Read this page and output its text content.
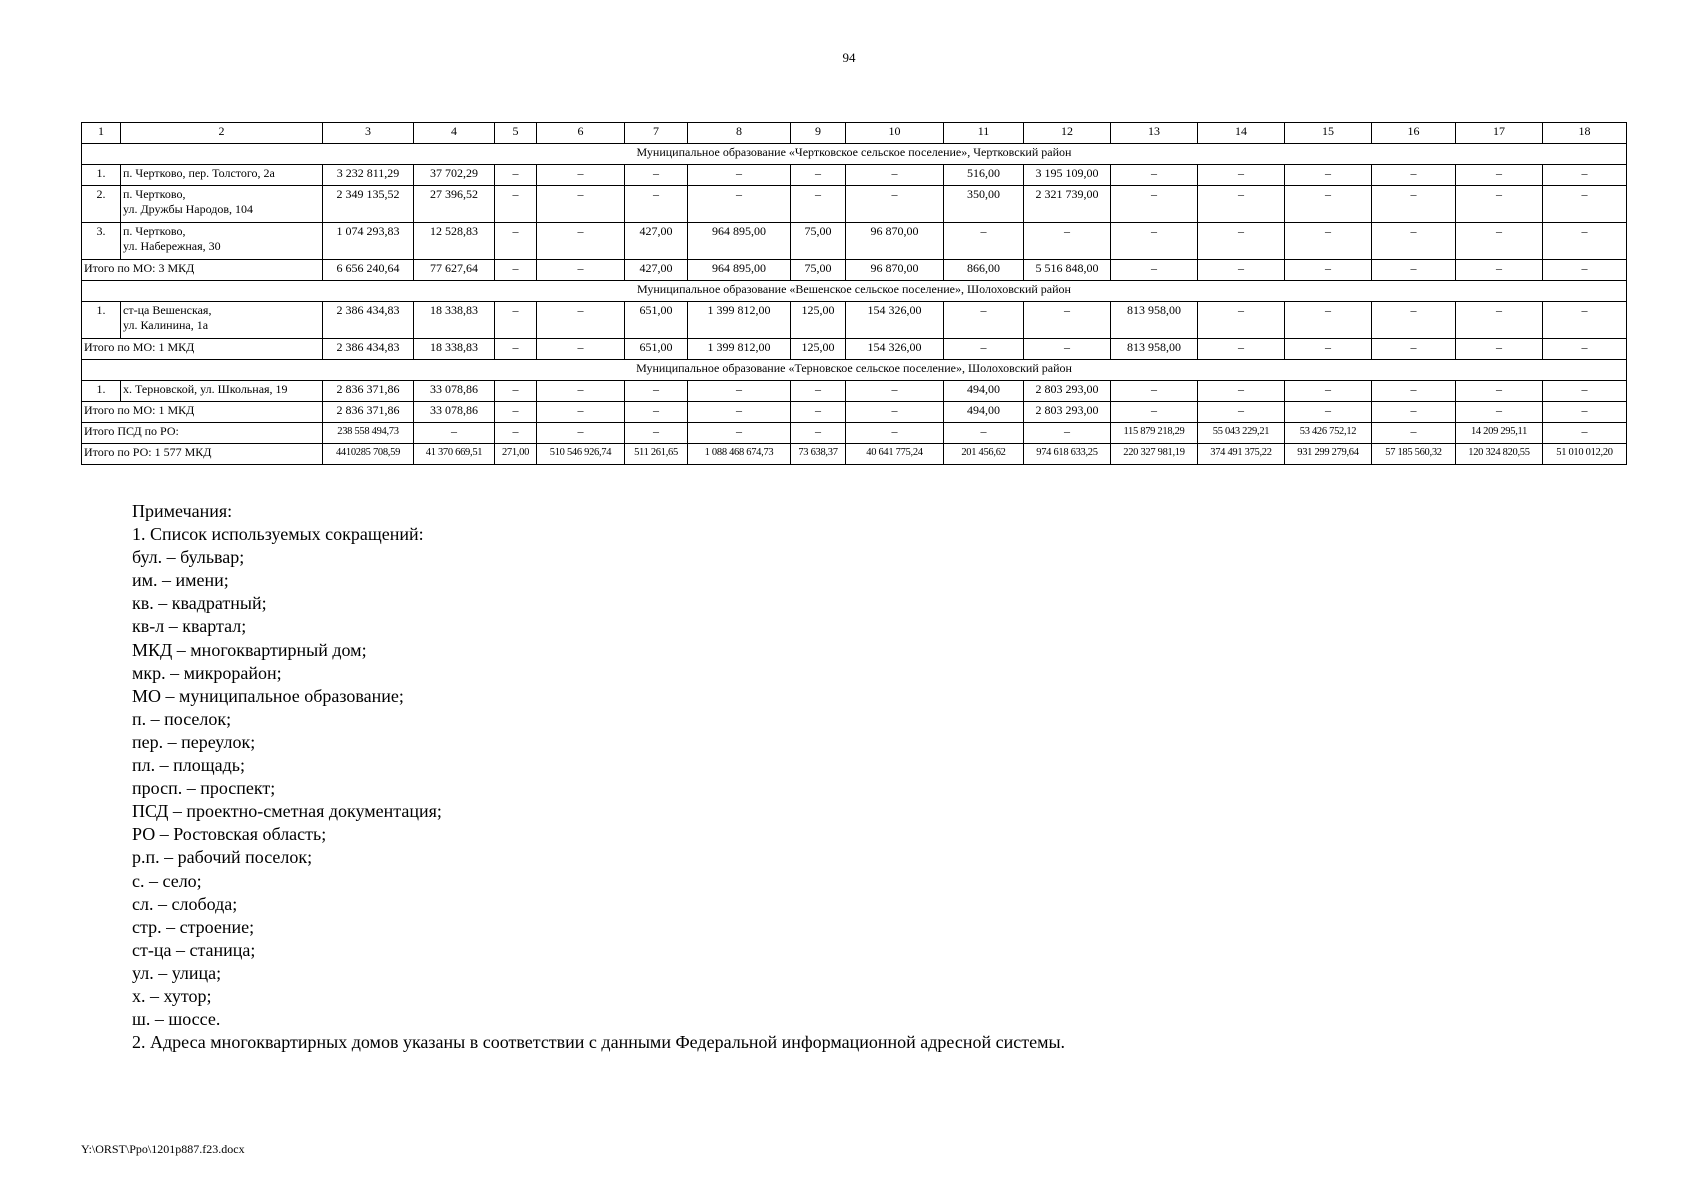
94
1	2	3	4	5	6	7	8	9	10	11	12	13	14	15	16	17	18
Муниципальное образование «Чертковское сельское поселение», Чертковский район																	
1.	п. Чертково, пер. Толстого, 2а	3 232 811,29	37 702,29	–	–	–	–	–	–	516,00	3 195 109,00	–	–	–	–	–	–
2.	п. Чертково,
ул. Дружбы Народов, 104	2 349 135,52	27 396,52	–	–	–	–	–	–	350,00	2 321 739,00	–	–	–	–	–	–
3.	п. Чертково,
ул. Набережная, 30	1 074 293,83	12 528,83	–	–	427,00	964 895,00	75,00	96 870,00	–	–	–	–	–	–	–	–
Итого по МО: 3 МКД		6 656 240,64	77 627,64	–	–	427,00	964 895,00	75,00	96 870,00	866,00	5 516 848,00	–	–	–	–	–	–
Муниципальное образование «Вешенское сельское поселение», Шолоховский район																	
1.	ст-ца Вешенская,
ул. Калинина, 1а	2 386 434,83	18 338,83	–	–	651,00	1 399 812,00	125,00	154 326,00	–	–	813 958,00	–	–	–	–	–
Итого по МО: 1 МКД		2 386 434,83	18 338,83	–	–	651,00	1 399 812,00	125,00	154 326,00	–	–	813 958,00	–	–	–	–	–
Муниципальное образование «Терновское сельское поселение», Шолоховский район																	
1.	х. Терновской, ул. Школьная, 19	2 836 371,86	33 078,86	–	–	–	–	–	–	494,00	2 803 293,00	–	–	–	–	–	–
Итого по МО: 1 МКД		2 836 371,86	33 078,86	–	–	–	–	–	–	494,00	2 803 293,00	–	–	–	–	–	–
Итого ПСД по РО:		238 558 494,73	–	–	–	–	–	–	–	–	–	115 879 218,29	55 043 229,21	53 426 752,12	–	14 209 295,11	–
Итого по РО: 1 577 МКД		4410285 708,59	41 370 669,51	271,00	510 546 926,74	511 261,65	1 088 468 674,73	73 638,37	40 641 775,24	201 456,62	974 618 633,25	220 327 981,19	374 491 375,22	931 299 279,64	57 185 560,32	120 324 820,55	51 010 012,20
Примечания:
1. Список используемых сокращений:
бул. – бульвар;
им. – имени;
кв. – квадратный;
кв-л – квартал;
МКД – многоквартирный дом;
мкр. – микрорайон;
МО – муниципальное образование;
п. – поселок;
пер. – переулок;
пл. – площадь;
просп. – проспект;
ПСД – проектно-сметная документация;
РО – Ростовская область;
р.п. – рабочий поселок;
с. – село;
сл. – слобода;
стр. – строение;
ст-ца – станица;
ул. – улица;
х. – хутор;
ш. – шоссе.
2. Адреса многоквартирных домов указаны в соответствии с данными Федеральной информационной адресной системы.
Y:\ORST\Ppo\1201p887.f23.docx
